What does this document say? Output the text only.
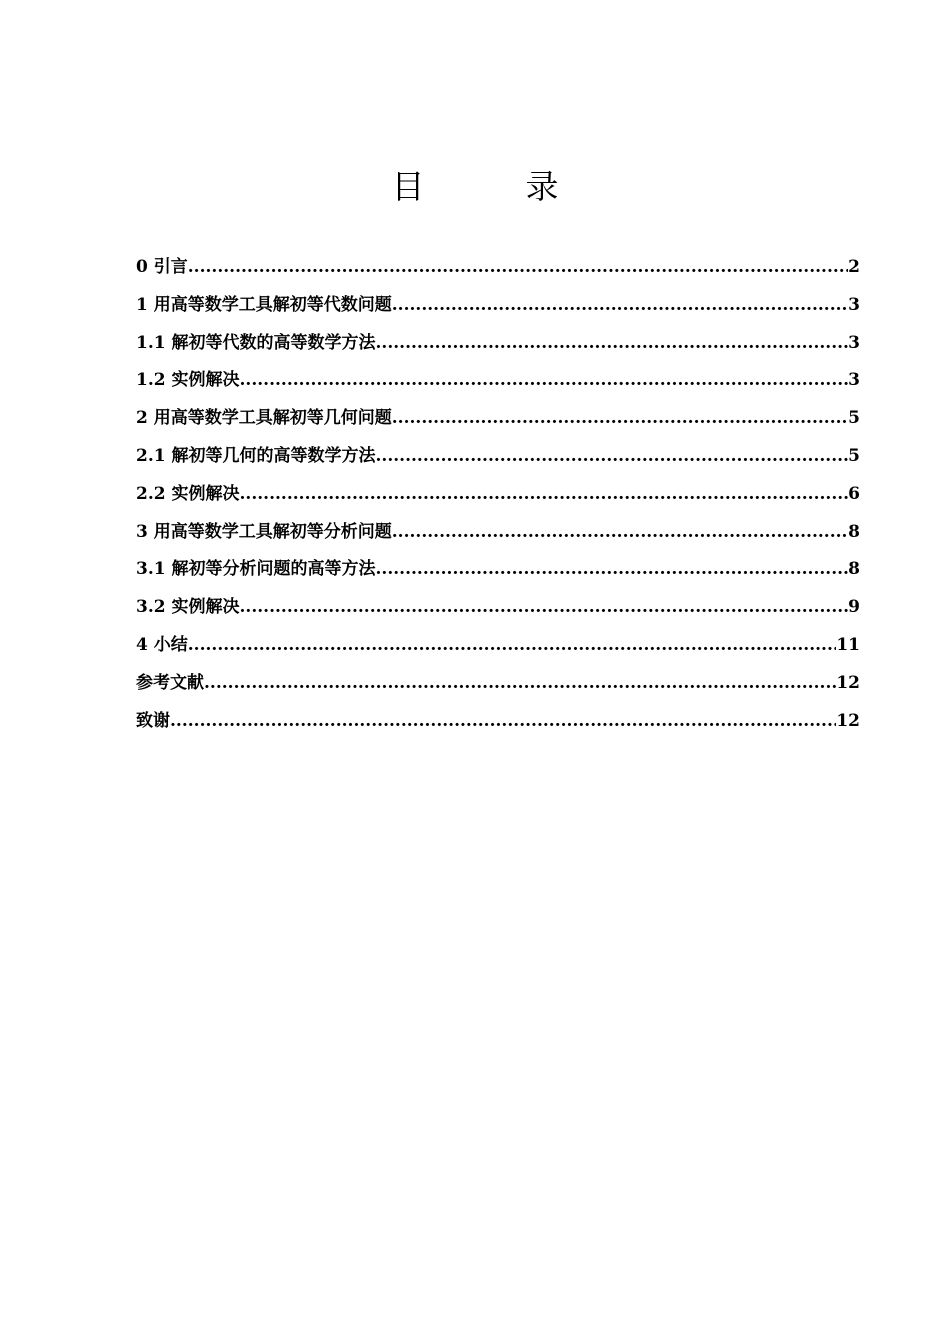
目　录
0 引言 .....	2
1 用高等数学工具解初等代数问题 .....	3
1.1 解初等代数的高等数学方法 .....	3
1.2 实例解决 .....	3
2 用高等数学工具解初等几何问题 .....	5
2.1 解初等几何的高等数学方法 .....	5
2.2 实例解决 .....	6
3 用高等数学工具解初等分析问题 .....	8
3.1 解初等分析问题的高等方法 .....	8
3.2 实例解决 .....	9
4 小结 .....	11
参考文献 .....	12
致谢 .....	12
